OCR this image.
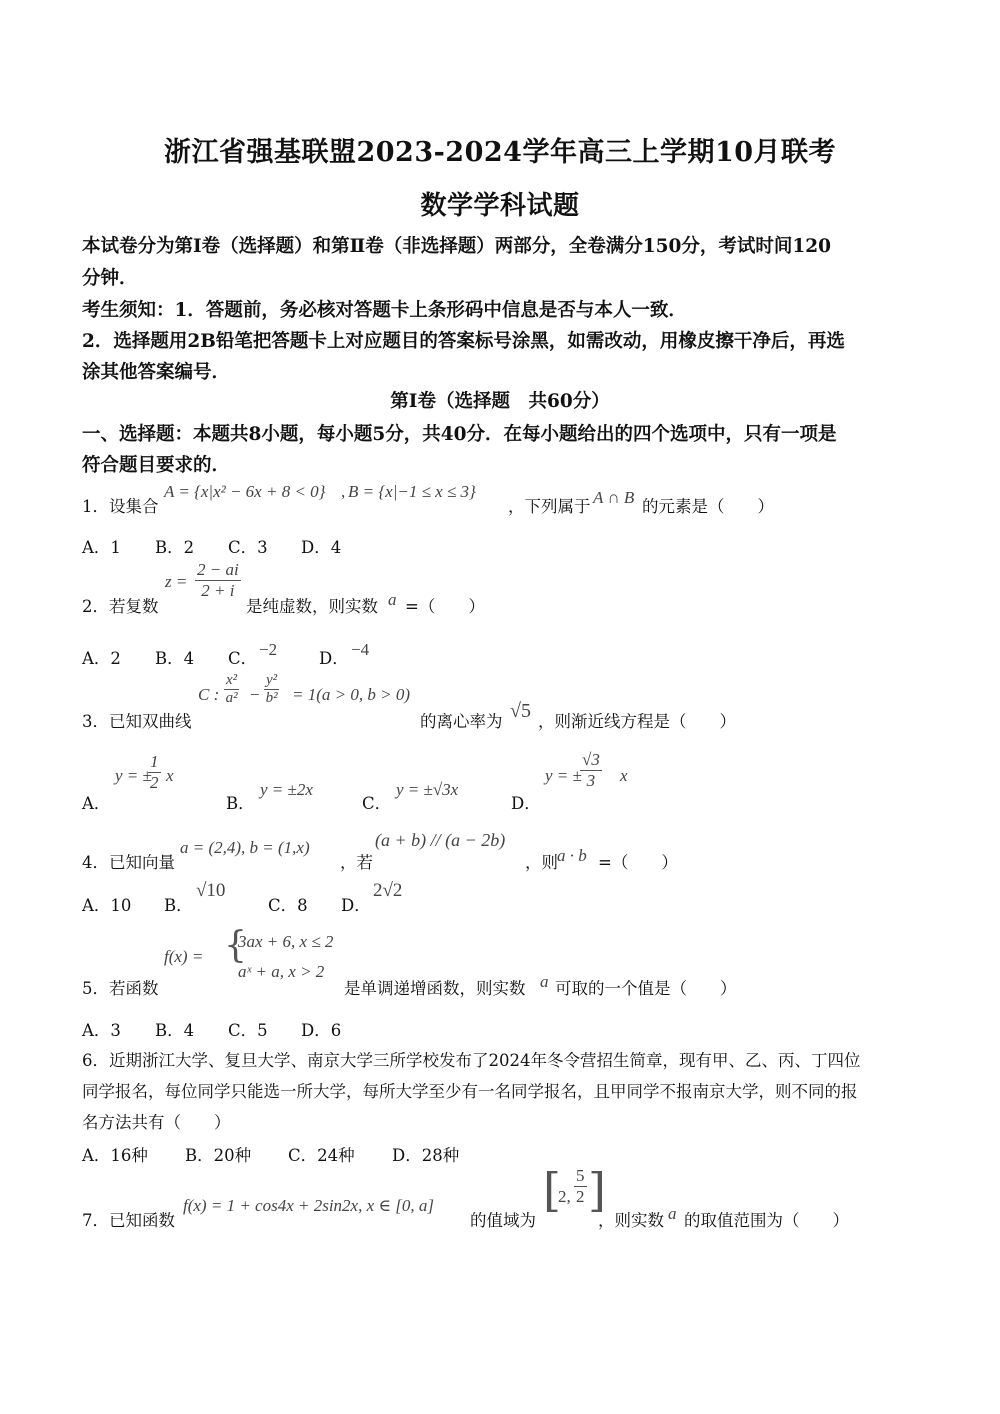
浙江省强基联盟2023-2024学年高三上学期10月联考
数学学科试题
本试卷分为第Ⅰ卷（选择题）和第Ⅱ卷（非选择题）两部分，全卷满分150分，考试时间120
分钟．
考生须知：1．答题前，务必核对答题卡上条形码中信息是否与本人一致．
2．选择题用2B铅笔把答题卡上对应题目的答案标号涂黑，如需改动，用橡皮擦干净后，再选
涂其他答案编号．
第Ⅰ卷（选择题　共60分）
一、选择题：本题共8小题，每小题5分，共40分．在每小题给出的四个选项中，只有一项是
符合题目要求的．
1．设集合
A = {x|x² − 6x + 8 < 0} , B = {x|−1 ≤ x ≤ 3}
，下列属于 A ∩ B 的元素是（　　）
A．1 B．2 C．3 D．4
2．若复数
$z = \frac{2 - ai}{2 + i}$
是纯虚数，则实数 a =（　　）
A．2 B．4 C． −2	D． −4
3．已知双曲线
C : $\frac{\text{x²}}{\text{a²}} - \frac{\text{y²}}{\text{b²}} = 1(a > 0$, b > 0)
的离心率为 √5 ，则渐近线方程是（　　）
A．
y = ±
$\frac{1}{2}$ x
B．
y = ±2x
C．
y = ±√3x
D．
y = ±
$\frac{√3}{3}$ x
4．已知向量
a = (2,4), b = (1,x)
，若
(a + b) // (a − 2b)
，则 a · b =（　　）
A．10 B．
√10
C．8 D．
2√2
5．若函数
f(x) = {
3ax + 6, x ≤ 2
aˣ + a, x > 2
是单调递增函数，则实数 a 可取的一个值是（　　）
A．3 B．4 C．5 D．6
6．近期浙江大学、复旦大学、南京大学三所学校发布了2024年冬令营招生简章，现有甲、乙、丙、丁四位
同学报名，每位同学只能选一所大学，每所大学至少有一名同学报名，且甲同学不报南京大学，则不同的报
名方法共有（　　）
A．16种 B．20种 C．24种 D．28种
7．已知函数
f(x) = 1 + cos4x + 2sin2x, x ∈ [0, a]
的值域为
[
2, $\frac{5}{2}$ ]
，则实数 a 的取值范围为（　　）
